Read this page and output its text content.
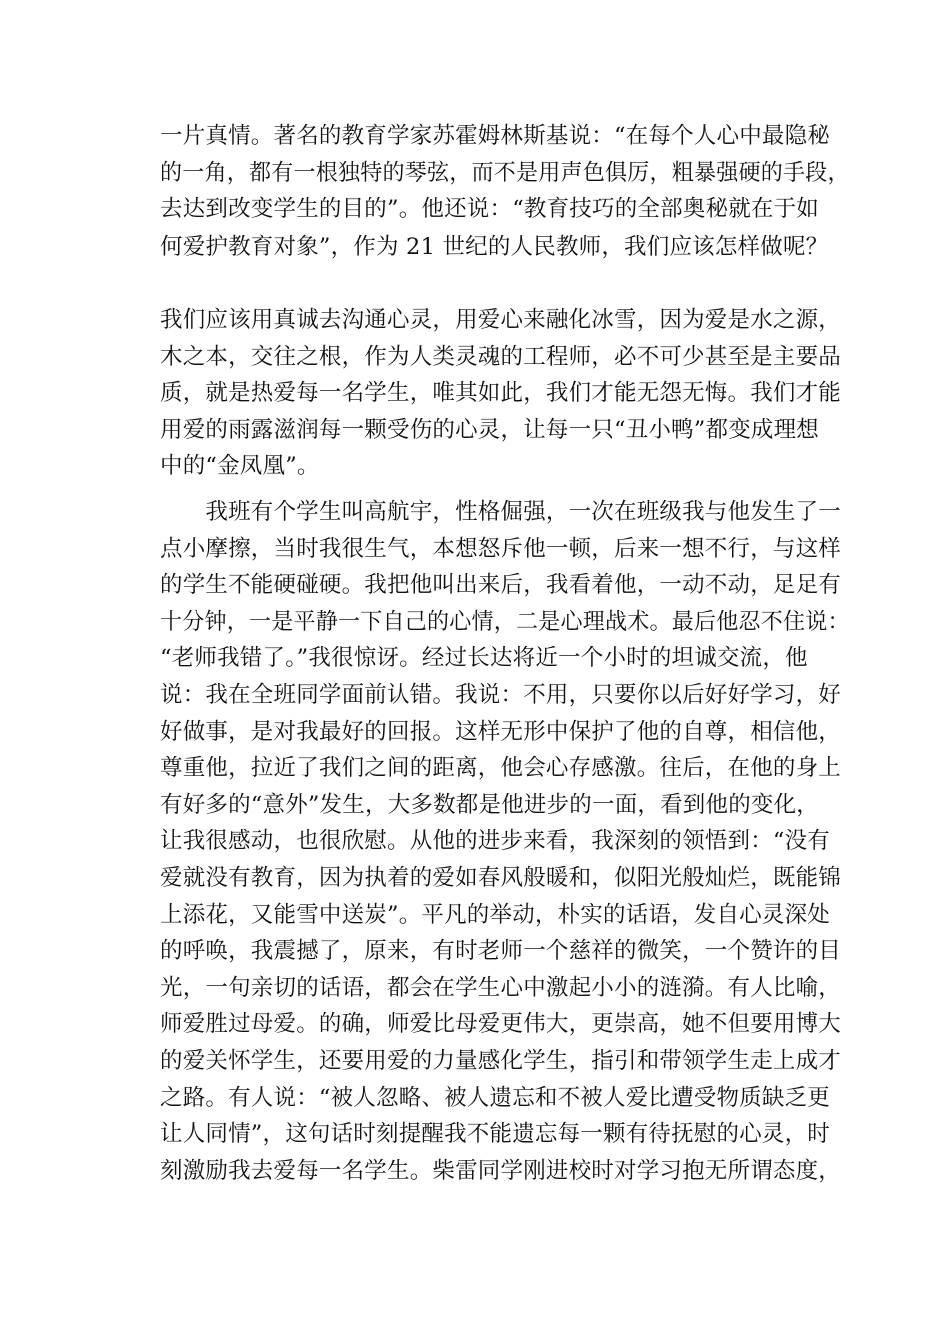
一片真情。著名的教育学家苏霍姆林斯基说：“在每个人心中最隐秘
的一角，都有一根独特的琴弦，而不是用声色俱厉，粗暴强硬的手段，
去达到改变学生的目的”。他还说：“教育技巧的全部奥秘就在于如
何爱护教育对象”，作为 21 世纪的人民教师，我们应该怎样做呢？
我们应该用真诚去沟通心灵，用爱心来融化冰雪，因为爱是水之源，
木之本，交往之根，作为人类灵魂的工程师，必不可少甚至是主要品
质，就是热爱每一名学生，唯其如此，我们才能无怨无悔。我们才能
用爱的雨露滋润每一颗受伤的心灵，让每一只“丑小鸭”都变成理想
中的“金凤凰”。
　　我班有个学生叫高航宇，性格倔强，一次在班级我与他发生了一
点小摩擦，当时我很生气，本想怒斥他一顿，后来一想不行，与这样
的学生不能硬碰硬。我把他叫出来后，我看着他，一动不动，足足有
十分钟，一是平静一下自己的心情，二是心理战术。最后他忍不住说：
“老师我错了。”我很惊讶。经过长达将近一个小时的坦诚交流，他
说：我在全班同学面前认错。我说：不用，只要你以后好好学习，好
好做事，是对我最好的回报。这样无形中保护了他的自尊，相信他，
尊重他，拉近了我们之间的距离，他会心存感激。往后，在他的身上
有好多的“意外”发生，大多数都是他进步的一面，看到他的变化，
让我很感动，也很欣慰。从他的进步来看，我深刻的领悟到：“没有
爱就没有教育，因为执着的爱如春风般暖和，似阳光般灿烂，既能锦
上添花，又能雪中送炭”。平凡的举动，朴实的话语，发自心灵深处
的呼唤，我震撼了，原来，有时老师一个慈祥的微笑，一个赞许的目
光，一句亲切的话语，都会在学生心中激起小小的涟漪。有人比喻，
师爱胜过母爱。的确，师爱比母爱更伟大，更崇高，她不但要用博大
的爱关怀学生，还要用爱的力量感化学生，指引和带领学生走上成才
之路。有人说：“被人忽略、被人遗忘和不被人爱比遭受物质缺乏更
让人同情”，这句话时刻提醒我不能遗忘每一颗有待抚慰的心灵，时
刻激励我去爱每一名学生。柴雷同学刚进校时对学习抱无所谓态度，
